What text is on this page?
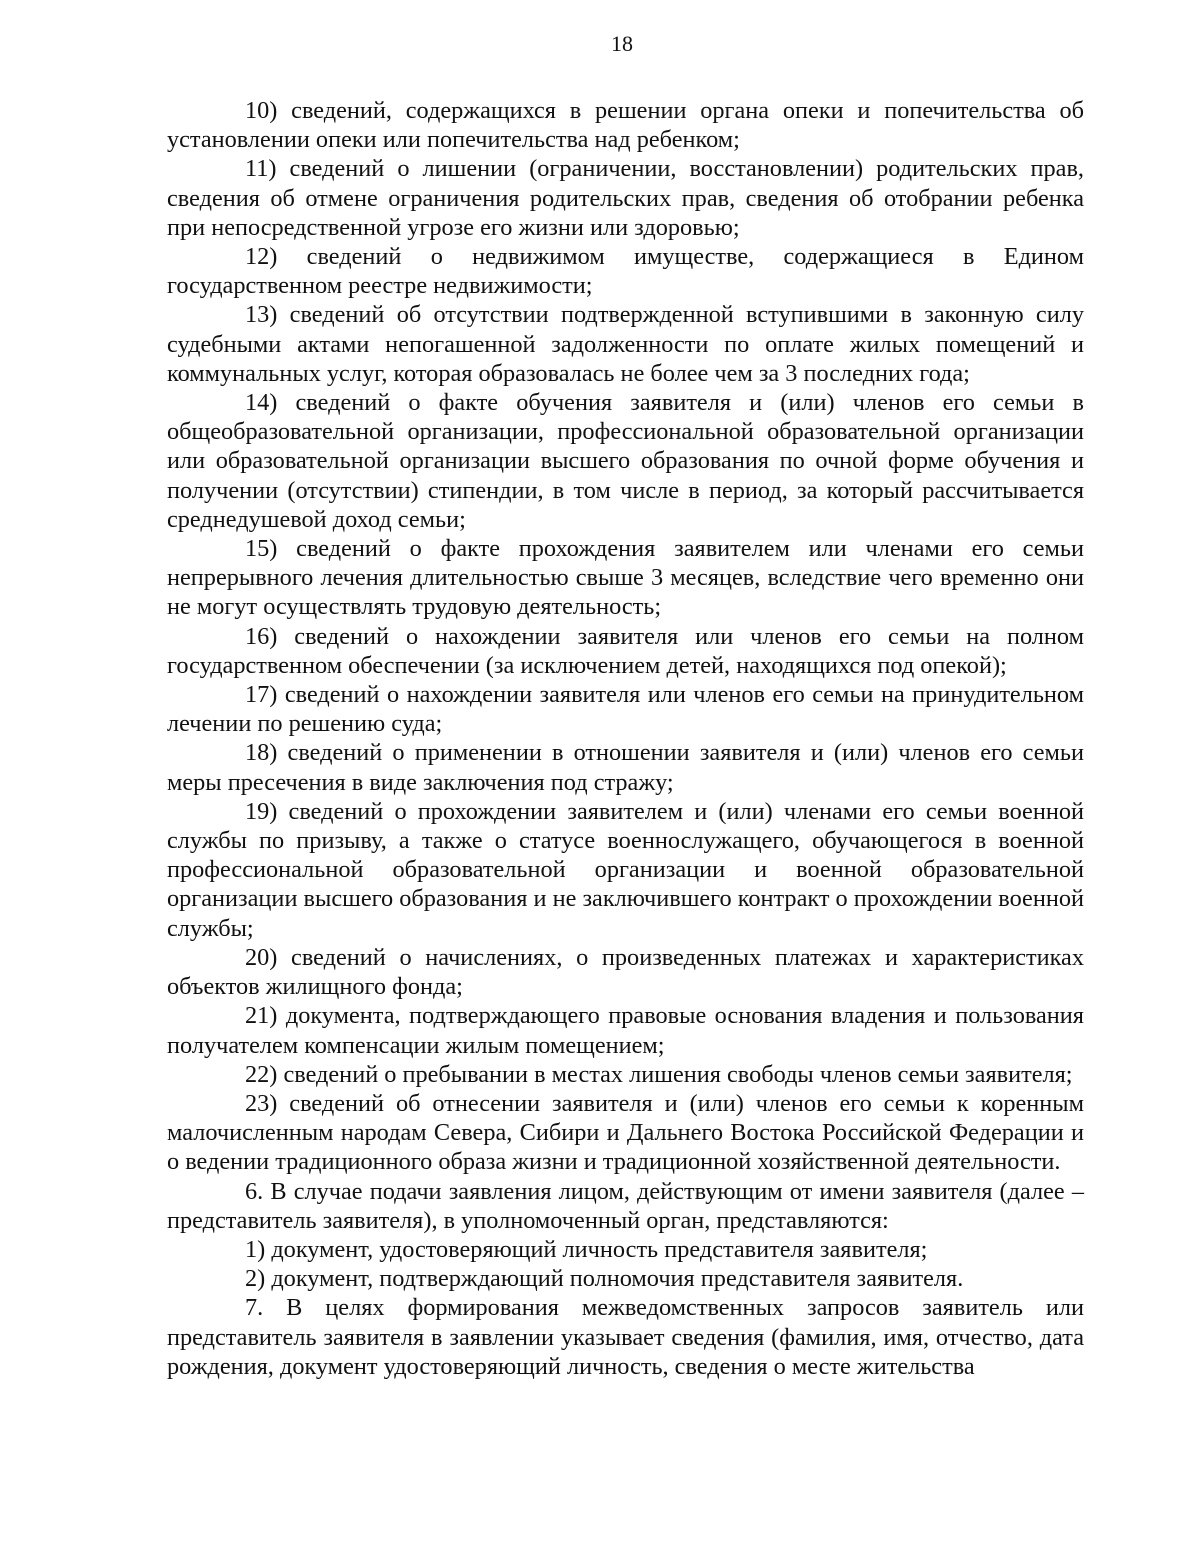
18

10) сведений, содержащихся в решении органа опеки и попечительства об установлении опеки или попечительства над ребенком;

11) сведений о лишении (ограничении, восстановлении) родительских прав, сведения об отмене ограничения родительских прав, сведения об отобрании ребенка при непосредственной угрозе его жизни или здоровью;

12) сведений о недвижимом имуществе, содержащиеся в Едином государственном реестре недвижимости;

13) сведений об отсутствии подтвержденной вступившими в законную силу судебными актами непогашенной задолженности по оплате жилых помещений и коммунальных услуг, которая образовалась не более чем за 3 последних года;

14) сведений о факте обучения заявителя и (или) членов его семьи в общеобразовательной организации, профессиональной образовательной организации или образовательной организации высшего образования по очной форме обучения и получении (отсутствии) стипендии, в том числе в период, за который рассчитывается среднедушевой доход семьи;

15) сведений о факте прохождения заявителем или членами его семьи непрерывного лечения длительностью свыше 3 месяцев, вследствие чего временно они не могут осуществлять трудовую деятельность;

16) сведений о нахождении заявителя или членов его семьи на полном государственном обеспечении (за исключением детей, находящихся под опекой);

17) сведений о нахождении заявителя или членов его семьи на принудительном лечении по решению суда;

18) сведений о применении в отношении заявителя и (или) членов его семьи меры пресечения в виде заключения под стражу;

19) сведений о прохождении заявителем и (или) членами его семьи военной службы по призыву, а также о статусе военнослужащего, обучающегося в военной профессиональной образовательной организации и военной образовательной организации высшего образования и не заключившего контракт о прохождении военной службы;

20) сведений о начислениях, о произведенных платежах и характеристиках объектов жилищного фонда;

21) документа, подтверждающего правовые основания владения и пользования получателем компенсации жилым помещением;

22) сведений о пребывании в местах лишения свободы членов семьи заявителя;

23) сведений об отнесении заявителя и (или) членов его семьи к коренным малочисленным народам Севера, Сибири и Дальнего Востока Российской Федерации и о ведении традиционного образа жизни и традиционной хозяйственной деятельности.

6. В случае подачи заявления лицом, действующим от имени заявителя (далее – представитель заявителя), в уполномоченный орган, представляются:

1) документ, удостоверяющий личность представителя заявителя;

2) документ, подтверждающий полномочия представителя заявителя.

7. В целях формирования межведомственных запросов заявитель или представитель заявителя в заявлении указывает сведения (фамилия, имя, отчество, дата рождения, документ удостоверяющий личность, сведения о месте жительства
